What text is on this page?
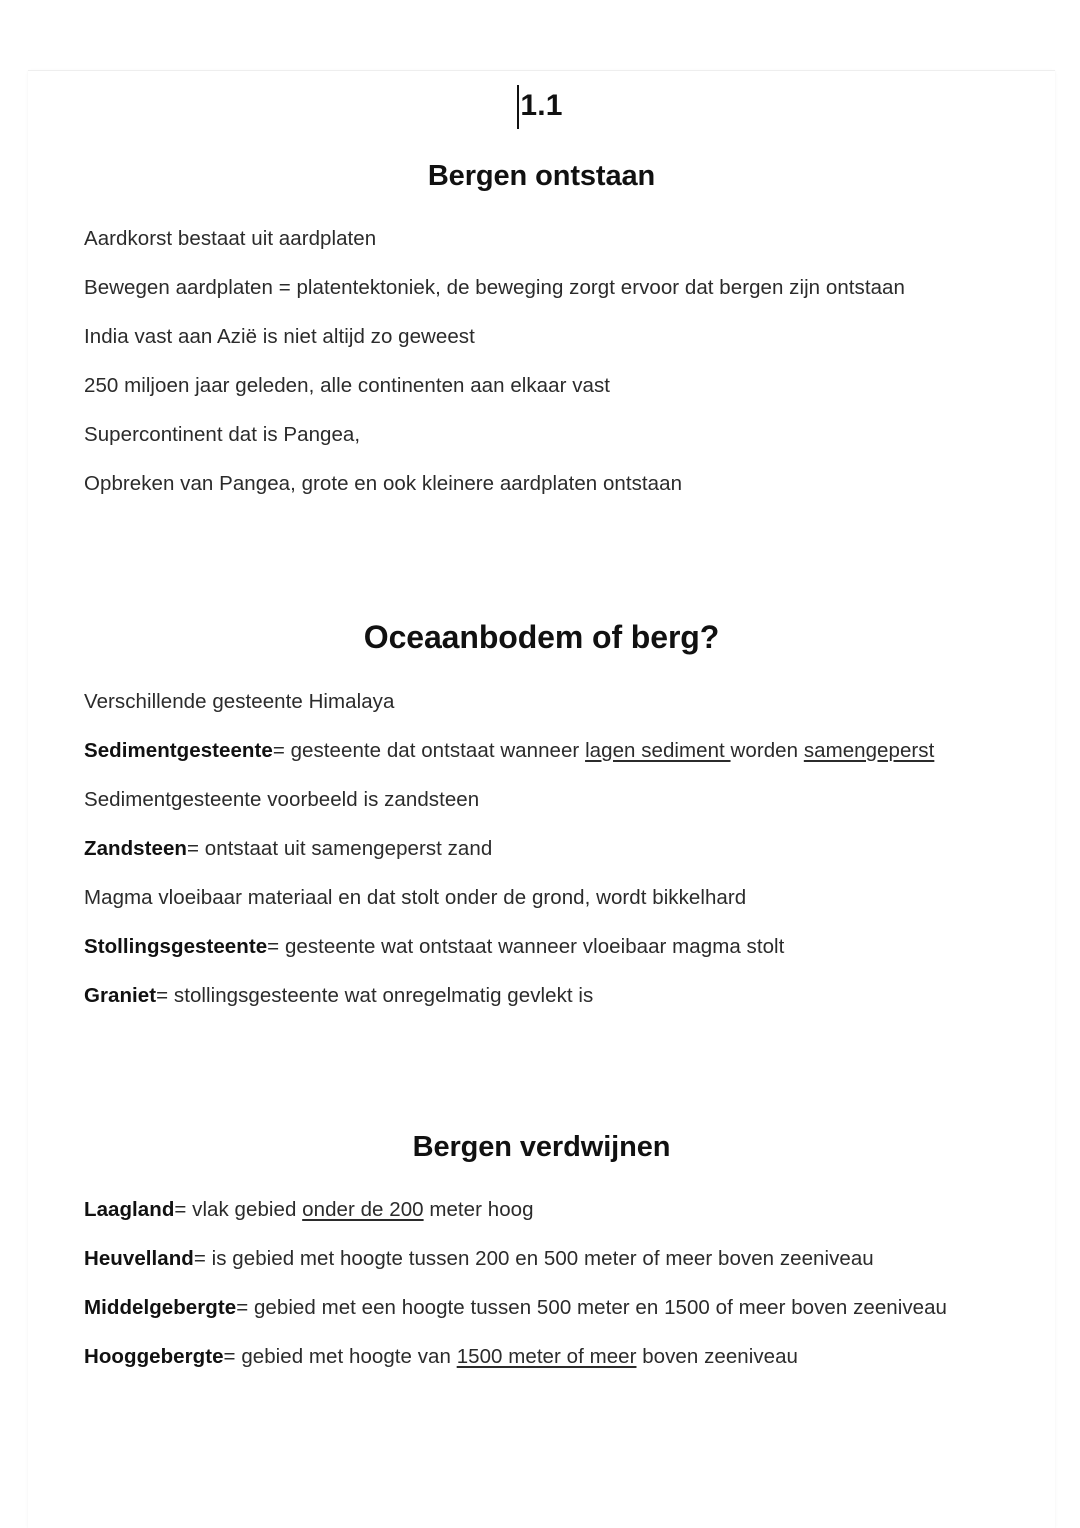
1.1
Bergen ontstaan

Aardkorst bestaat uit aardplaten

Bewegen aardplaten = platentektoniek, de beweging zorgt ervoor dat bergen zijn ontstaan

India vast aan Azië is niet altijd zo geweest

250 miljoen jaar geleden, alle continenten aan elkaar vast

Supercontinent dat is Pangea,

Opbreken van Pangea, grote en ook kleinere aardplaten ontstaan

Oceaanbodem of berg?

Verschillende gesteente Himalaya

Sedimentgesteente= gesteente dat ontstaat wanneer lagen sediment worden samengeperst

Sedimentgesteente voorbeeld is zandsteen

Zandsteen= ontstaat uit samengeperst zand

Magma vloeibaar materiaal en dat stolt onder de grond, wordt bikkelhard

Stollingsgesteente= gesteente wat ontstaat wanneer vloeibaar magma stolt

Graniet= stollingsgesteente wat onregelmatig gevlekt is

Bergen verdwijnen

Laagland= vlak gebied onder de 200 meter hoog

Heuvelland= is gebied met hoogte tussen 200 en 500 meter of meer boven zeeniveau

Middelgebergte= gebied met een hoogte tussen 500 meter en 1500 of meer boven zeeniveau

Hooggebergte= gebied met hoogte van 1500 meter of meer boven zeeniveau
